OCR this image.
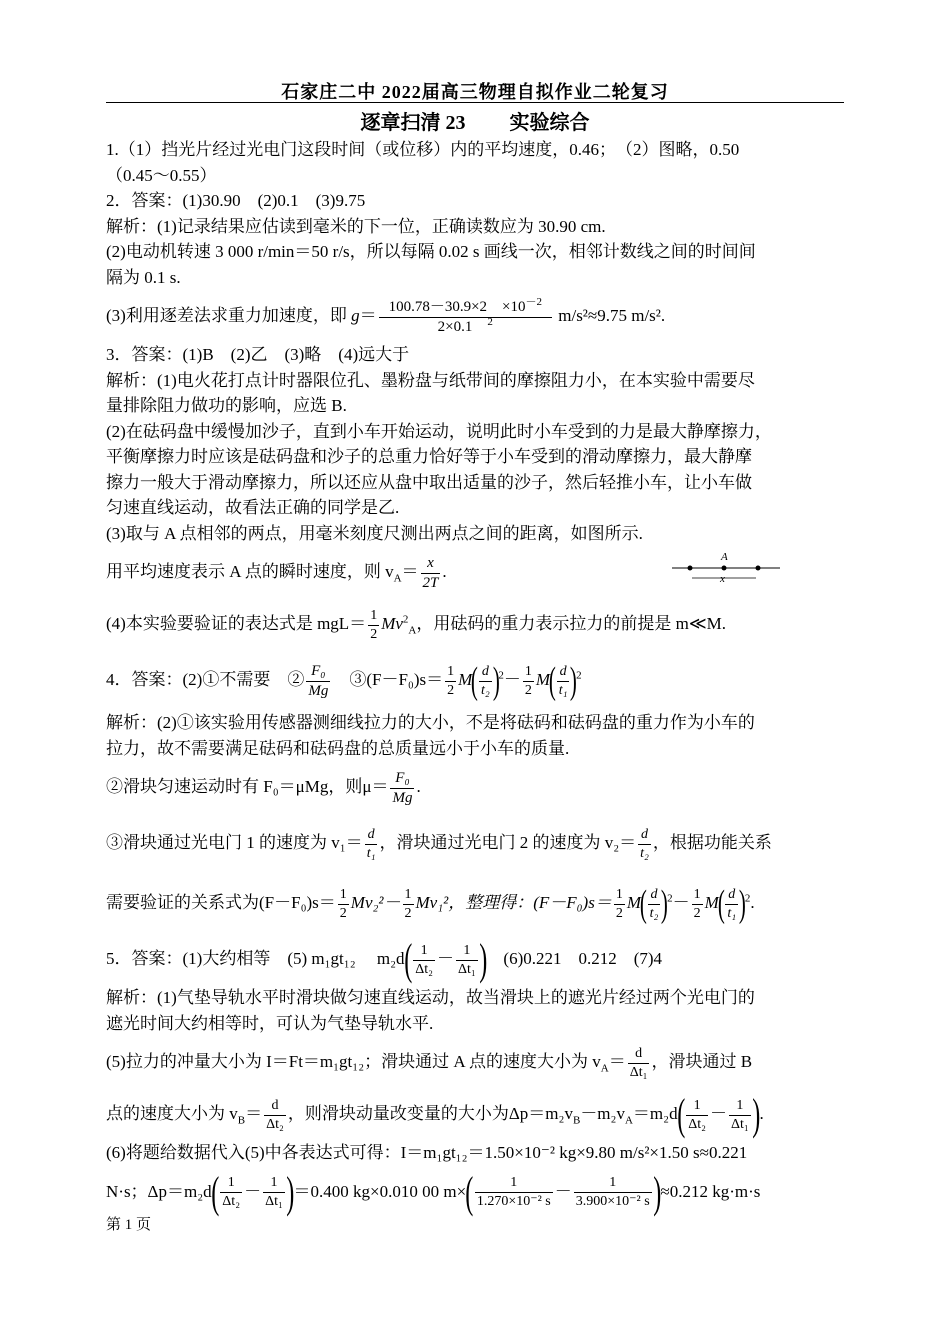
石家庄二中 2022届高三物理自拟作业二轮复习
逐章扫清 23 实验综合
1.（1）挡光片经过光电门这段时间（或位移）内的平均速度，0.46；　（2）图略，0.50
（0.45～0.55）
2．答案：(1)30.90　(2)0.1　(3)9.75
解析：(1)记录结果应估读到毫米的下一位，正确读数应为 30.90 cm.
(2)电动机转速 3 000 r/min＝50 r/s，所以每隔 0.02 s 画线一次，相邻计数线之间的时间间
隔为 0.1 s.
(3)利用逐差法求重力加速度，即 $g= \frac{100.78-30.9\times 2 \times 10^{-2}}{2\times 0.1 ^2} m/s^2\approx 9.75$ m/s².
3．答案：(1)B　(2)乙　(3)略　(4)远大于
解析：(1)电火花打点计时器限位孔、墨粉盘与纸带间的摩擦阻力小，在本实验中需要尽
量排除阻力做功的影响，应选 B.
(2)在砝码盘中缓慢加沙子，直到小车开始运动，说明此时小车受到的力是最大静摩擦力，
平衡摩擦力时应该是砝码盘和沙子的总重力恰好等于小车受到的滑动摩擦力，最大静摩
擦力一般大于滑动摩擦力，所以还应从盘中取出适量的沙子，然后轻推小车，让小车做
匀速直线运动，故看法正确的同学是乙.
(3)取与 A 点相邻的两点，用毫米刻度尺测出两点之间的距离，如图所示.
用平均速度表示 A 点的瞬时速度，则 $v_A= \frac{x}{2T}$ .
(4)本实验要验证的表达式是 $mgL= \frac{1}{2} Mv^2_A$，用砝码的重力表示拉力的前提是 m≪M.
4．答案：(2)①不需要　② $\frac{\text{F₀}}{Mg}$ 　③(F－F₀)s＝ $\frac{1}{2} M( \frac{d}{\text{t₂}} )^2- \frac{1}{2} M( \frac{d}{\text{t₁}} )^2$
解析：(2)①该实验用传感器测细线拉力的大小，不是将砝码和砝码盘的重力作为小车的
拉力，故不需要满足砝码和砝码盘的总质量远小于小车的质量.
②滑块匀速运动时有 F₀＝μMg，则$\mu= \frac{\text{F₀}}{Mg}$ .
③滑块通过光电门 1 的速度为 $v_1= \frac{d}{\text{t₁}}$ ，滑块通过光电门 2 的速度为 $v_2= \frac{d}{\text{t₂}}$ ，根据功能关系
需要验证的关系式为$(F-F_0)s= \frac{1}{2} Mv_2^2- \frac{1}{2} Mv_1^2$，整理得：$(F-F_0)s= \frac{1}{2} M( \frac{d}{\text{t₂}} )^2- \frac{1}{2} M( \frac{d}{\text{t₁}} )^2$.
5．答案：(1)大约相等　(5) m₁gt₁₂　 $m_2d( \frac{1}{\text{Δt₂}} - \frac{1}{\text{Δt₁}}$ )　(6)0.221　0.212　(7)4
解析：(1)气垫导轨水平时滑块做匀速直线运动，故当滑块上的遮光片经过两个光电门的
遮光时间大约相等时，可认为气垫导轨水平.
(5)拉力的冲量大小为 I＝Ft＝m₁gt₁₂；滑块通过 A 点的速度大小为 $v_A= \frac{d}{\text{Δt₁}}$ ，滑块通过 B
点的速度大小为 $v_B= \frac{d}{\text{Δt₂}}$ ，则滑块动量改变量的大小为$\Delta p=m_2v_B-m_2v_A=m_2d( \frac{1}{\text{Δt₂}} - \frac{1}{\text{Δt₁}}$ ).
(6)将题给数据代入(5)中各表达式可得：I＝m₁gt₁₂＝1.50×10⁻² kg×9.80 m/s²×1.50 s≈0.221
N·s；$\Delta p=m_2d( \frac{1}{\text{Δt₂}} - \frac{1}{\text{Δt₁}} )=0.400$ kg×0.010 00 $m\times( \frac{1}{\text{1.270×10⁻² s}} - \frac{1}{\text{3.900×10⁻² s}} )\approx 0.212$ kg·m·s
A
x
第 1 页
